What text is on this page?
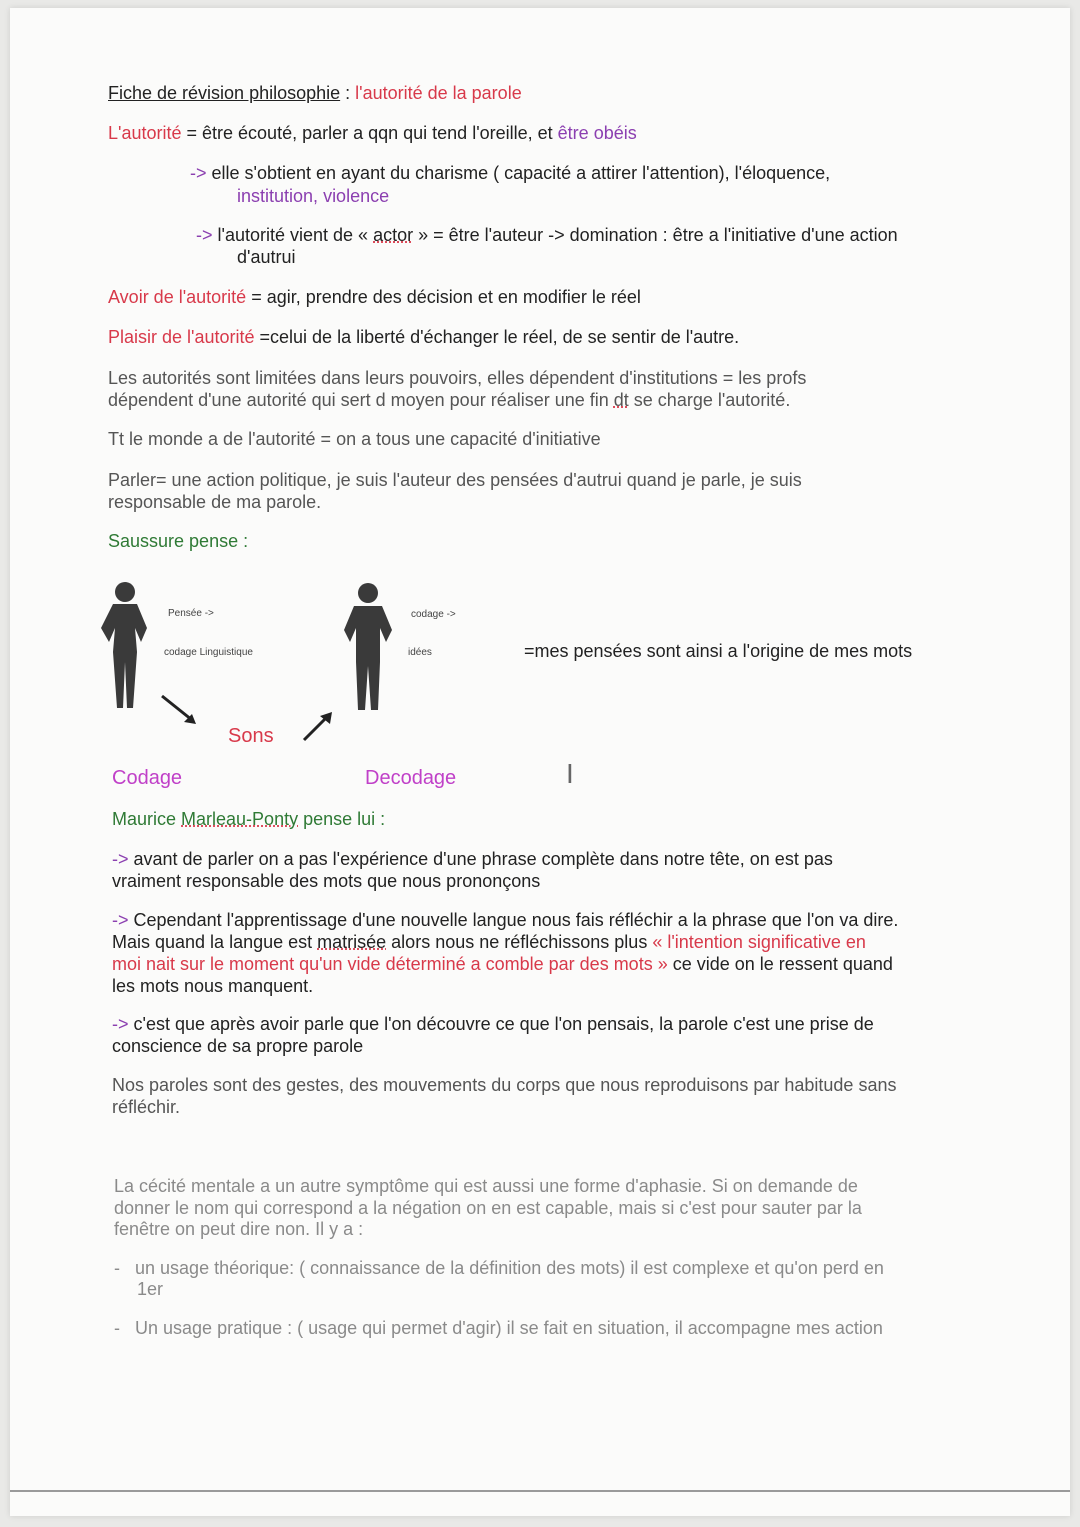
Fiche de révision philosophie : l'autorité de la parole
L'autorité = être écouté, parler a qqn qui tend l'oreille, et être obéis
-> elle s'obtient en ayant du charisme ( capacité a attirer l'attention), l'éloquence,
institution, violence
-> l'autorité vient de « actor » = être l'auteur -> domination : être a l'initiative d'une action
d'autrui
Avoir de l'autorité = agir, prendre des décision et en modifier le réel
Plaisir de l'autorité =celui de la liberté d'échanger le réel, de se sentir de l'autre.
Les autorités sont limitées dans leurs pouvoirs, elles dépendent d'institutions = les profs
dépendent d'une autorité qui sert d moyen pour réaliser une fin dt se charge l'autorité.
Tt le monde a de l'autorité = on a tous une capacité d'initiative
Parler= une action politique, je suis l'auteur des pensées d'autrui quand je parle, je suis
responsable de ma parole.
Saussure pense :
Pensée ->
codage Linguistique
codage ->
idées	=mes pensées sont ainsi a l'origine de mes mots
Sons
Codage	Decodage	I
Maurice Marleau-Ponty pense lui :
-> avant de parler on a pas l'expérience d'une phrase complète dans notre tête, on est pas
vraiment responsable des mots que nous prononçons
-> Cependant l'apprentissage d'une nouvelle langue nous fais réfléchir a la phrase que l'on va dire.
Mais quand la langue est matrisée alors nous ne réfléchissons plus « l'intention significative en
moi nait sur le moment qu'un vide déterminé a comble par des mots » ce vide on le ressent quand
les mots nous manquent.
-> c'est que après avoir parle que l'on découvre ce que l'on pensais, la parole c'est une prise de
conscience de sa propre parole
Nos paroles sont des gestes, des mouvements du corps que nous reproduisons par habitude sans
réfléchir.
La cécité mentale a un autre symptôme qui est aussi une forme d'aphasie. Si on demande de
donner le nom qui correspond a la négation on en est capable, mais si c'est pour sauter par la
fenêtre on peut dire non. Il y a :
- un usage théorique: ( connaissance de la définition des mots) il est complexe et qu'on perd en
1er
- Un usage pratique : ( usage qui permet d'agir) il se fait en situation, il accompagne mes action
